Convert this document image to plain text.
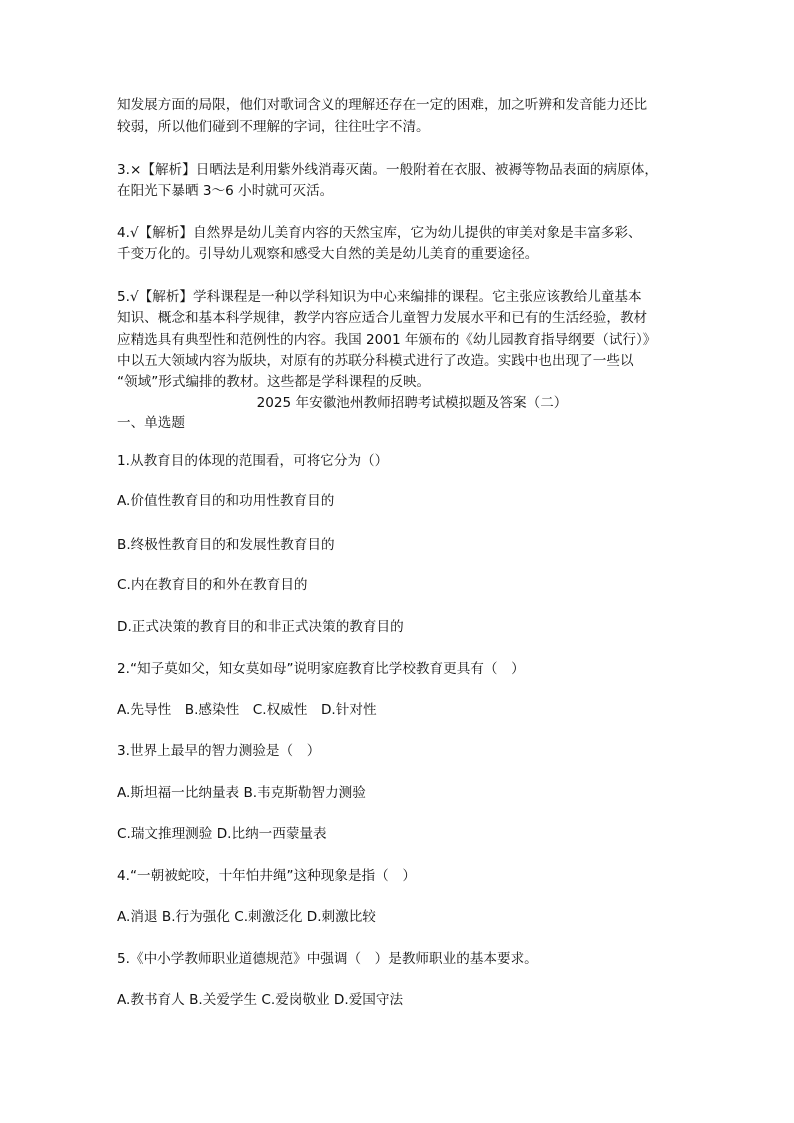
知发展方面的局限，他们对歌词含义的理解还存在一定的困难，加之听辨和发音能力还比
较弱，所以他们碰到不理解的字词，往往吐字不清。
3.×【解析】日晒法是利用紫外线消毒灭菌。一般附着在衣服、被褥等物品表面的病原体，
在阳光下暴晒 3～6 小时就可灭活。
4.√【解析】自然界是幼儿美育内容的天然宝库，它为幼儿提供的审美对象是丰富多彩、
千变万化的。引导幼儿观察和感受大自然的美是幼儿美育的重要途径。
5.√【解析】学科课程是一种以学科知识为中心来编排的课程。它主张应该教给儿童基本
知识、概念和基本科学规律，教学内容应适合儿童智力发展水平和已有的生活经验，教材
应精选具有典型性和范例性的内容。我国 2001 年颁布的《幼儿园教育指导纲要（试行）》
中以五大领域内容为版块，对原有的苏联分科模式进行了改造。实践中也出现了一些以
“领域”形式编排的教材。这些都是学科课程的反映。
2025 年安徽池州教师招聘考试模拟题及答案（二）
一、单选题
1.从教育目的体现的范围看，可将它分为（）
A.价值性教育目的和功用性教育目的
B.终极性教育目的和发展性教育目的
C.内在教育目的和外在教育目的
D.正式决策的教育目的和非正式决策的教育目的
2.“知子莫如父，知女莫如母”说明家庭教育比学校教育更具有（　）
A.先导性　B.感染性　C.权威性　D.针对性
3.世界上最早的智力测验是（　）
A.斯坦福一比纳量表 B.韦克斯勒智力测验
C.瑞文推理测验 D.比纳一西蒙量表
4.“一朝被蛇咬，十年怕井绳”这种现象是指（　）
A.消退 B.行为强化 C.刺激泛化 D.刺激比较
5.《中小学教师职业道德规范》中强调（　）是教师职业的基本要求。
A.教书育人 B.关爱学生 C.爱岗敬业 D.爱国守法
